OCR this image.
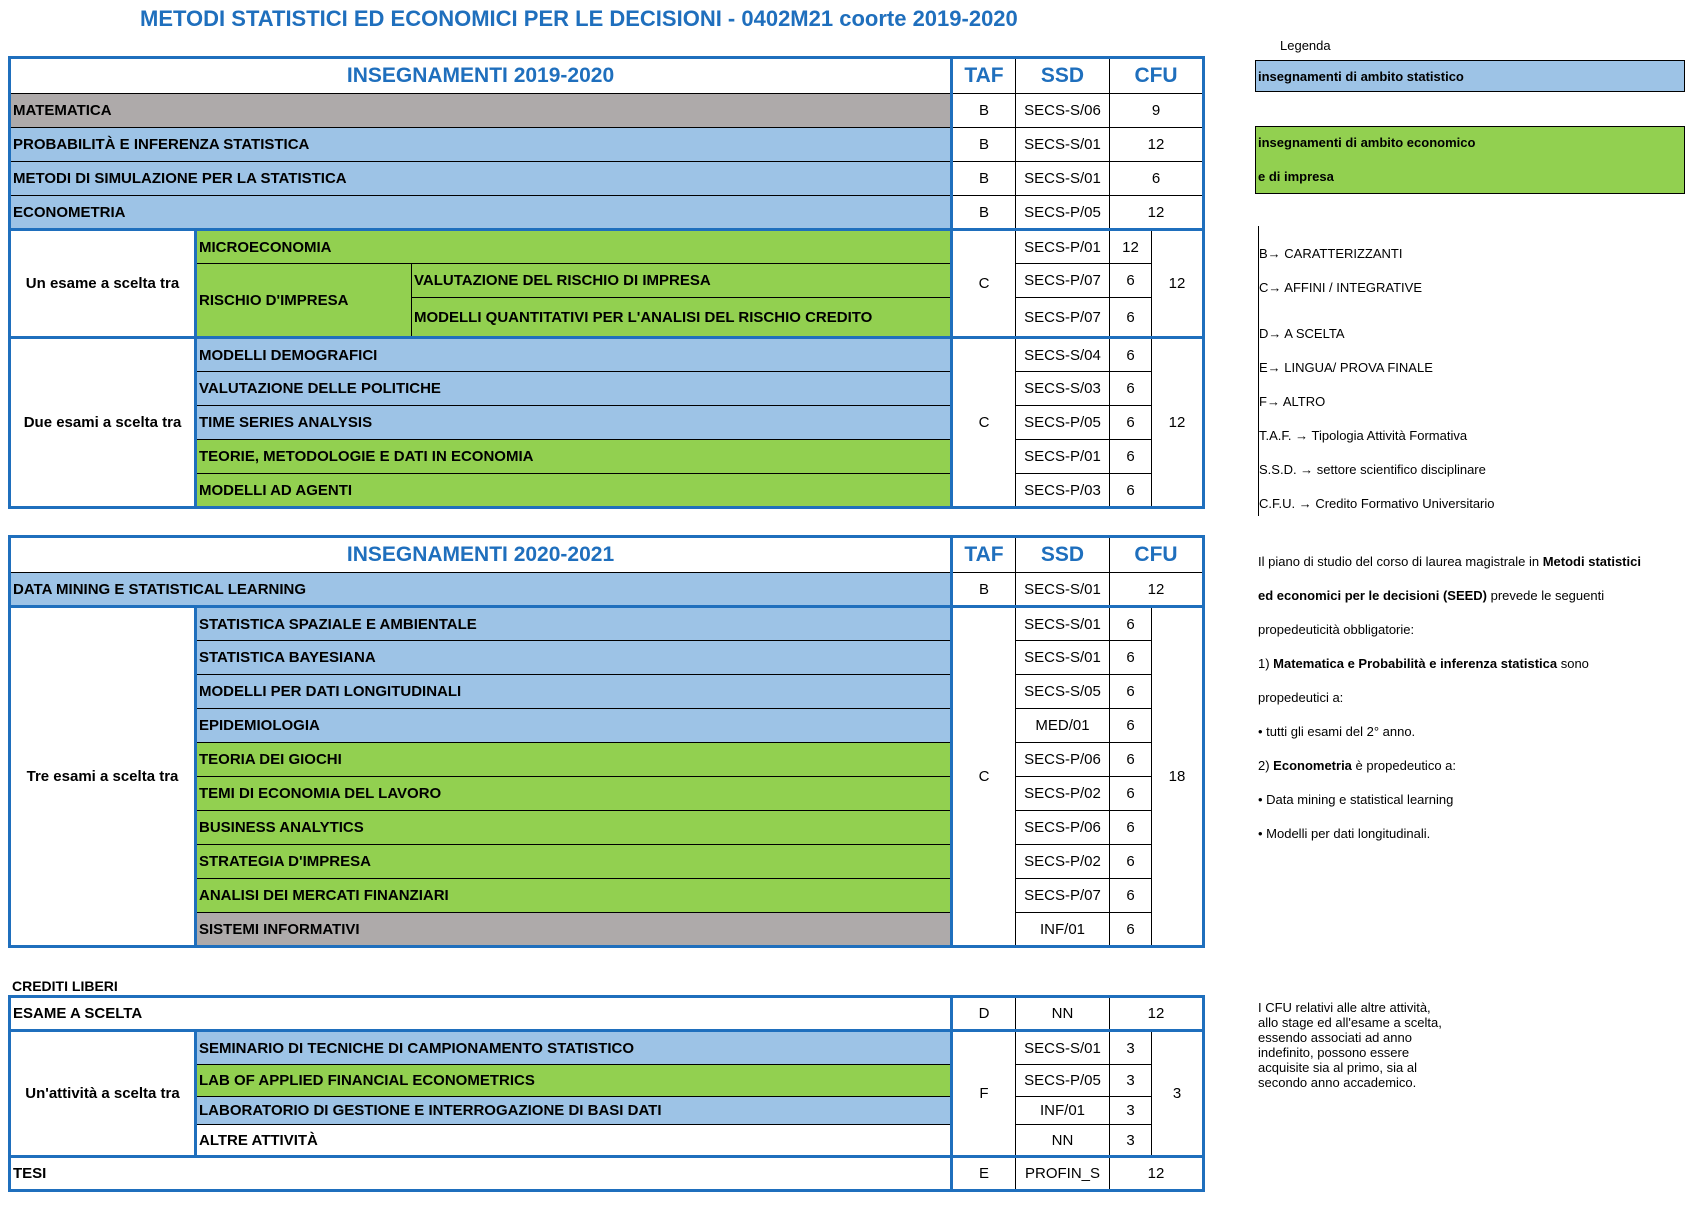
METODI STATISTICI ED ECONOMICI PER LE DECISIONI - 0402M21 coorte 2019-2020
INSEGNAMENTI 2019-2020			TAF	SSD	CFU	
MATEMATICA			B	SECS-S/06	9	
PROBABILITÀ E INFERENZA STATISTICA			B	SECS-S/01	12	
METODI DI SIMULAZIONE PER LA STATISTICA			B	SECS-S/01	6	
ECONOMETRIA			B	SECS-P/05	12	
Un esame a scelta tra	MICROECONOMIA		C	SECS-P/01	12	12
	RISCHIO D'IMPRESA	VALUTAZIONE DEL RISCHIO DI IMPRESA		SECS-P/07	6	
		MODELLI QUANTITATIVI PER L'ANALISI DEL RISCHIO CREDITO		SECS-P/07	6	
Due esami a scelta tra	MODELLI DEMOGRAFICI		C	SECS-S/04	6	12
	VALUTAZIONE DELLE POLITICHE			SECS-S/03	6	
	TIME SERIES ANALYSIS			SECS-P/05	6	
	TEORIE, METODOLOGIE E DATI IN ECONOMIA			SECS-P/01	6	
	MODELLI AD AGENTI			SECS-P/03	6	
INSEGNAMENTI 2020-2021		TAF	SSD	CFU	
DATA MINING E STATISTICAL LEARNING		B	SECS-S/01	12	
Tre esami a scelta tra	STATISTICA SPAZIALE E AMBIENTALE	C	SECS-S/01	6	18
	STATISTICA BAYESIANA		SECS-S/01	6	
	MODELLI PER DATI LONGITUDINALI		SECS-S/05	6	
	EPIDEMIOLOGIA		MED/01	6	
	TEORIA DEI GIOCHI		SECS-P/06	6	
	TEMI DI ECONOMIA DEL LAVORO		SECS-P/02	6	
	BUSINESS ANALYTICS		SECS-P/06	6	
	STRATEGIA D'IMPRESA		SECS-P/02	6	
	ANALISI DEI MERCATI FINANZIARI		SECS-P/07	6	
	SISTEMI INFORMATIVI		INF/01	6	
CREDITI LIBERI
ESAME A SCELTA		D	NN	12	
Un'attività a scelta tra	SEMINARIO DI TECNICHE DI CAMPIONAMENTO STATISTICO	F	SECS-S/01	3	3
	LAB OF APPLIED FINANCIAL ECONOMETRICS		SECS-P/05	3	
	LABORATORIO DI GESTIONE E INTERROGAZIONE DI BASI DATI		INF/01	3	
	ALTRE ATTIVITÀ		NN	3	
TESI		E	PROFIN_S	12	
Legenda
insegnamenti di ambito statistico
insegnamenti di ambito economico
e di impresa
B→ CARATTERIZZANTI
C→ AFFINI / INTEGRATIVE
D→ A SCELTA
E→ LINGUA/ PROVA FINALE
F→ ALTRO
T.A.F. → Tipologia Attività Formativa
S.S.D. → settore scientifico disciplinare
C.F.U. → Credito Formativo Universitario
Il piano di studio del corso di laurea magistrale in Metodi statistici
ed economici per le decisioni (SEED) prevede le seguenti
propedeuticità obbligatorie:
1) Matematica e Probabilità e inferenza statistica sono
propedeutici a:
• tutti gli esami del 2° anno.
2) Econometria è propedeutico a:
• Data mining e statistical learning
• Modelli per dati longitudinali.
I CFU relativi alle altre attività,
allo stage ed all'esame a scelta,
essendo associati ad anno
indefinito, possono essere
acquisite sia al primo, sia al
secondo anno accademico.
